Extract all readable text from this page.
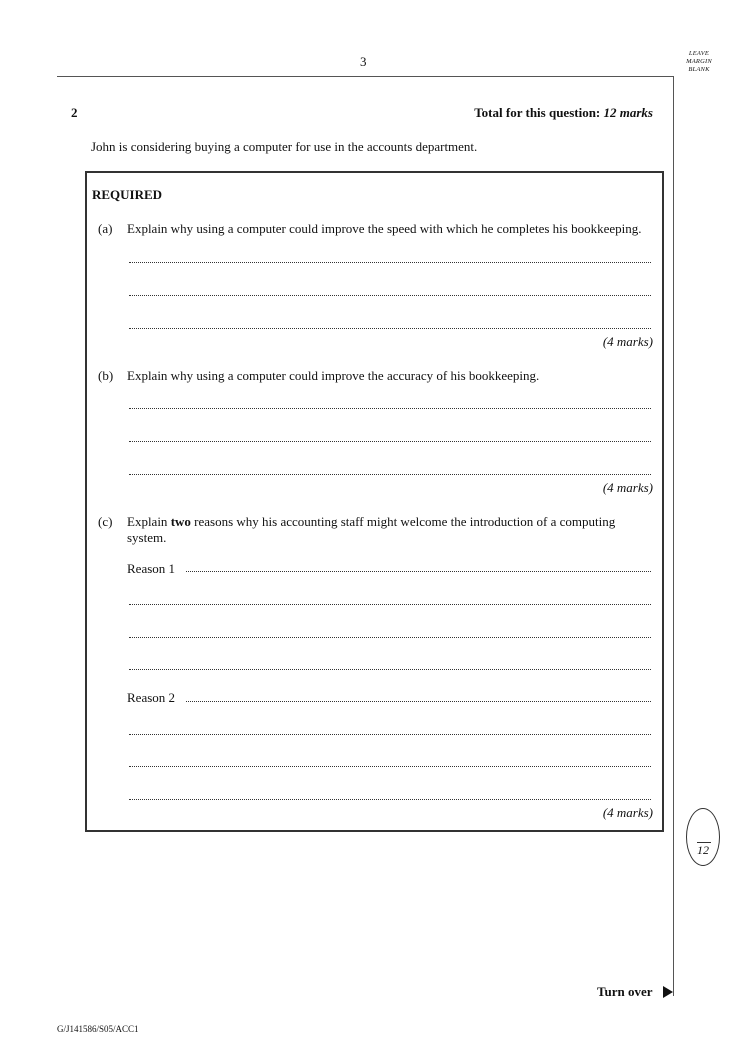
3
LEAVE
MARGIN
BLANK
2	Total for this question: 12 marks
John is considering buying a computer for use in the accounts department.
REQUIRED
(a) Explain why using a computer could improve the speed with which he completes his bookkeeping.
(4 marks)
(b) Explain why using a computer could improve the accuracy of his bookkeeping.
(4 marks)
(c) Explain two reasons why his accounting staff might welcome the introduction of a computing system.
Reason 1
Reason 2
(4 marks)
12
Turn over
G/J141586/S05/ACC1
